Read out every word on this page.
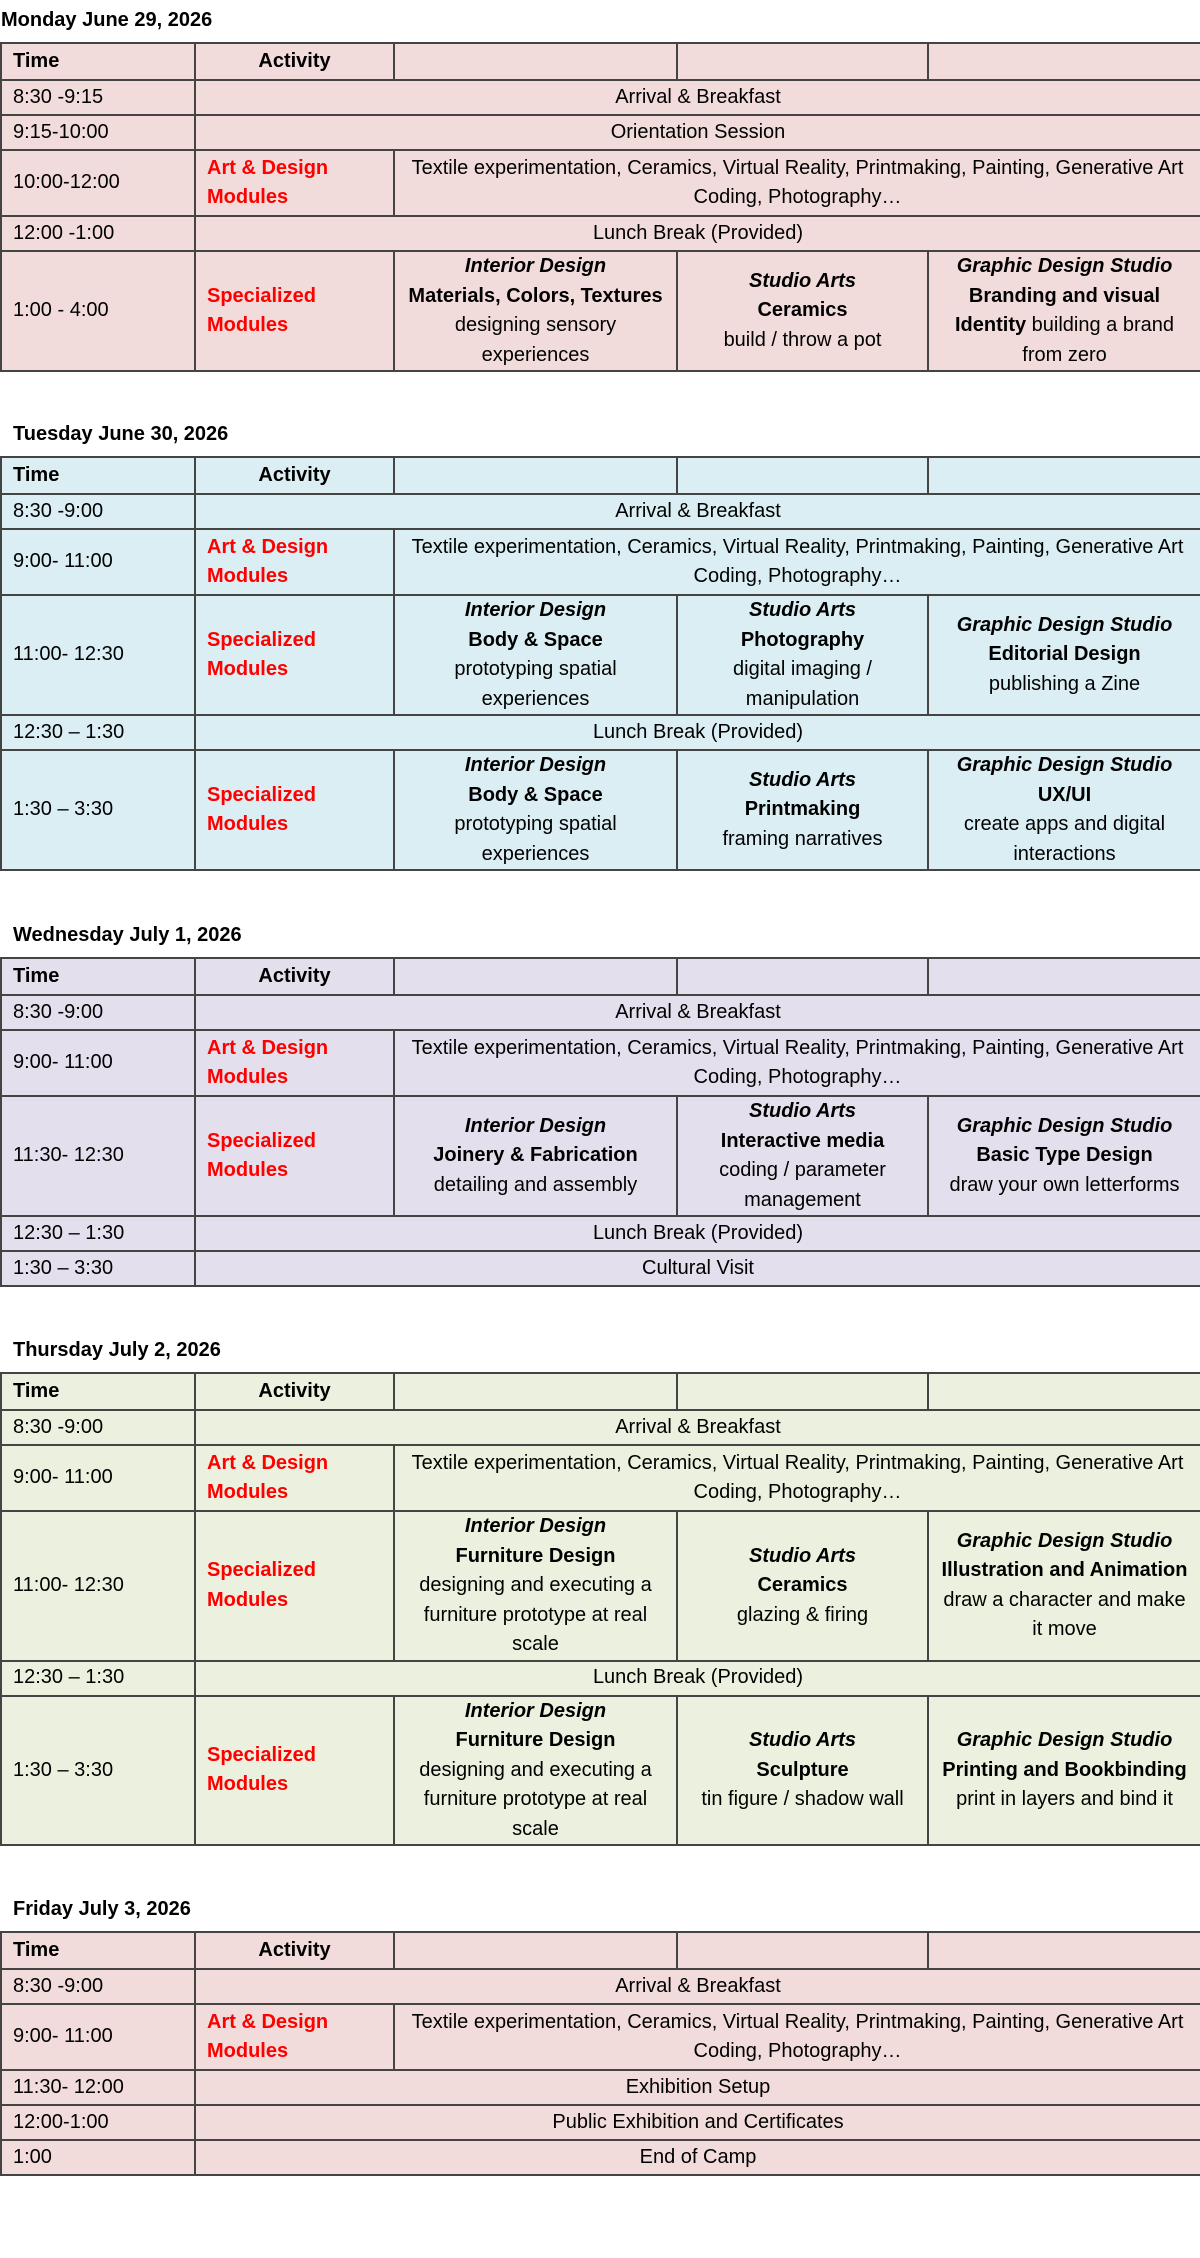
Monday June 29, 2026
Time	Activity			
8:30 -9:15	Arrival & Breakfast			
9:15-10:00	Orientation Session			
10:00-12:00	Art & Design Modules	Textile experimentation, Ceramics, Virtual Reality, Printmaking, Painting, Generative Art Coding, Photography…		
12:00 -1:00	Lunch Break (Provided)			
1:00 - 4:00	Specialized Modules	Interior Design
Materials, Colors, Textures
designing sensory experiences	Studio Arts
Ceramics
build / throw a pot	Graphic Design Studio
Branding and visual Identity building a brand from zero
Tuesday June 30, 2026
Time	Activity			
8:30 -9:00	Arrival & Breakfast			
9:00- 11:00	Art & Design Modules	Textile experimentation, Ceramics, Virtual Reality, Printmaking, Painting, Generative Art Coding, Photography…		
11:00- 12:30	Specialized Modules	Interior Design
Body & Space
prototyping spatial experiences	Studio Arts
Photography
digital imaging / manipulation	Graphic Design Studio
Editorial Design
publishing a Zine
12:30 – 1:30	Lunch Break (Provided)			
1:30 – 3:30	Specialized Modules	Interior Design
Body & Space
prototyping spatial experiences	Studio Arts
Printmaking
framing narratives	Graphic Design Studio
UX/UI
create apps and digital interactions
Wednesday July 1, 2026
Time	Activity			
8:30 -9:00	Arrival & Breakfast			
9:00- 11:00	Art & Design Modules	Textile experimentation, Ceramics, Virtual Reality, Printmaking, Painting, Generative Art Coding, Photography…		
11:30- 12:30	Specialized Modules	Interior Design
Joinery & Fabrication
detailing and assembly	Studio Arts
Interactive media
coding / parameter management	Graphic Design Studio
Basic Type Design
draw your own letterforms
12:30 – 1:30	Lunch Break (Provided)			
1:30 – 3:30	Cultural Visit			
Thursday July 2, 2026
Time	Activity			
8:30 -9:00	Arrival & Breakfast			
9:00- 11:00	Art & Design Modules	Textile experimentation, Ceramics, Virtual Reality, Printmaking, Painting, Generative Art Coding, Photography…		
11:00- 12:30	Specialized Modules	Interior Design
Furniture Design
designing and executing a furniture prototype at real scale	Studio Arts
Ceramics
glazing & firing	Graphic Design Studio
Illustration and Animation draw a character and make it move
12:30 – 1:30	Lunch Break (Provided)			
1:30 – 3:30	Specialized Modules	Interior Design
Furniture Design
designing and executing a furniture prototype at real scale	Studio Arts
Sculpture
tin figure / shadow wall	Graphic Design Studio
Printing and Bookbinding print in layers and bind it
Friday July 3, 2026
Time	Activity			
8:30 -9:00	Arrival & Breakfast			
9:00- 11:00	Art & Design Modules	Textile experimentation, Ceramics, Virtual Reality, Printmaking, Painting, Generative Art Coding, Photography…		
11:30- 12:00	Exhibition Setup			
12:00-1:00	Public Exhibition and Certificates			
1:00	End of Camp			
